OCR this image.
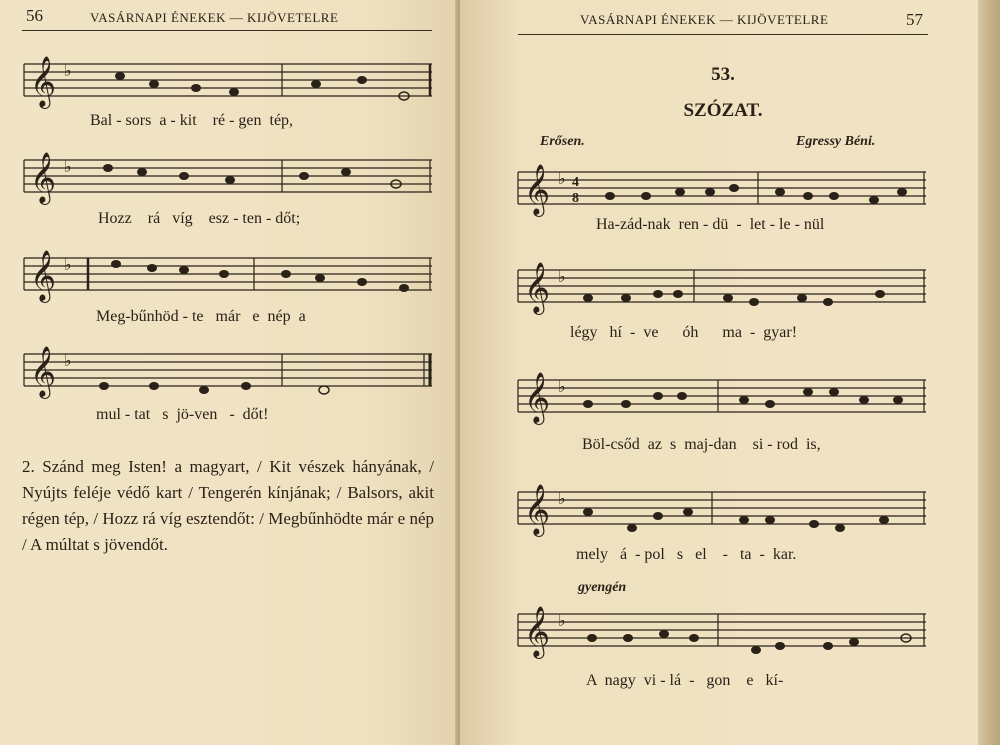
56	VASÁRNAPI ÉNEKEK — KIJÖVETELRE
𝄞 ♭
Bal - sors  a - kit    ré - gen  tép,
𝄞 ♭
Hozz    rá   víg    esz - ten - dőt;
𝄞 ♭
Meg-bűnhöd - te   már   e  nép  a
𝄞 ♭
mul - tat   s  jö-ven   -  dőt!
2. Szánd meg Isten! a magyart, / Kit vészek hányának, / Nyújts feléje védő kart / Tengerén kínjának; / Balsors, akit régen tép, / Hozz rá víg esztendőt: / Megbűnhödte már e nép / A múltat s jövendőt.
VASÁRNAPI ÉNEKEK — KIJÖVETELRE	57
53.
SZÓZAT.
Erősen.	Egressy Béni.
𝄞 ♭ 4
8
Ha-zád-nak  ren - dü  -  let - le - nül
𝄞 ♭
légy   hí  -  ve      óh      ma  -  gyar!
𝄞 ♭
Böl-csőd  az  s  maj-dan    si - rod  is,
𝄞 ♭
mely   á  - pol   s   el    -   ta  -  kar.
gyengén
𝄞 ♭
A  nagy  vi - lá  -   gon    e   kí-
